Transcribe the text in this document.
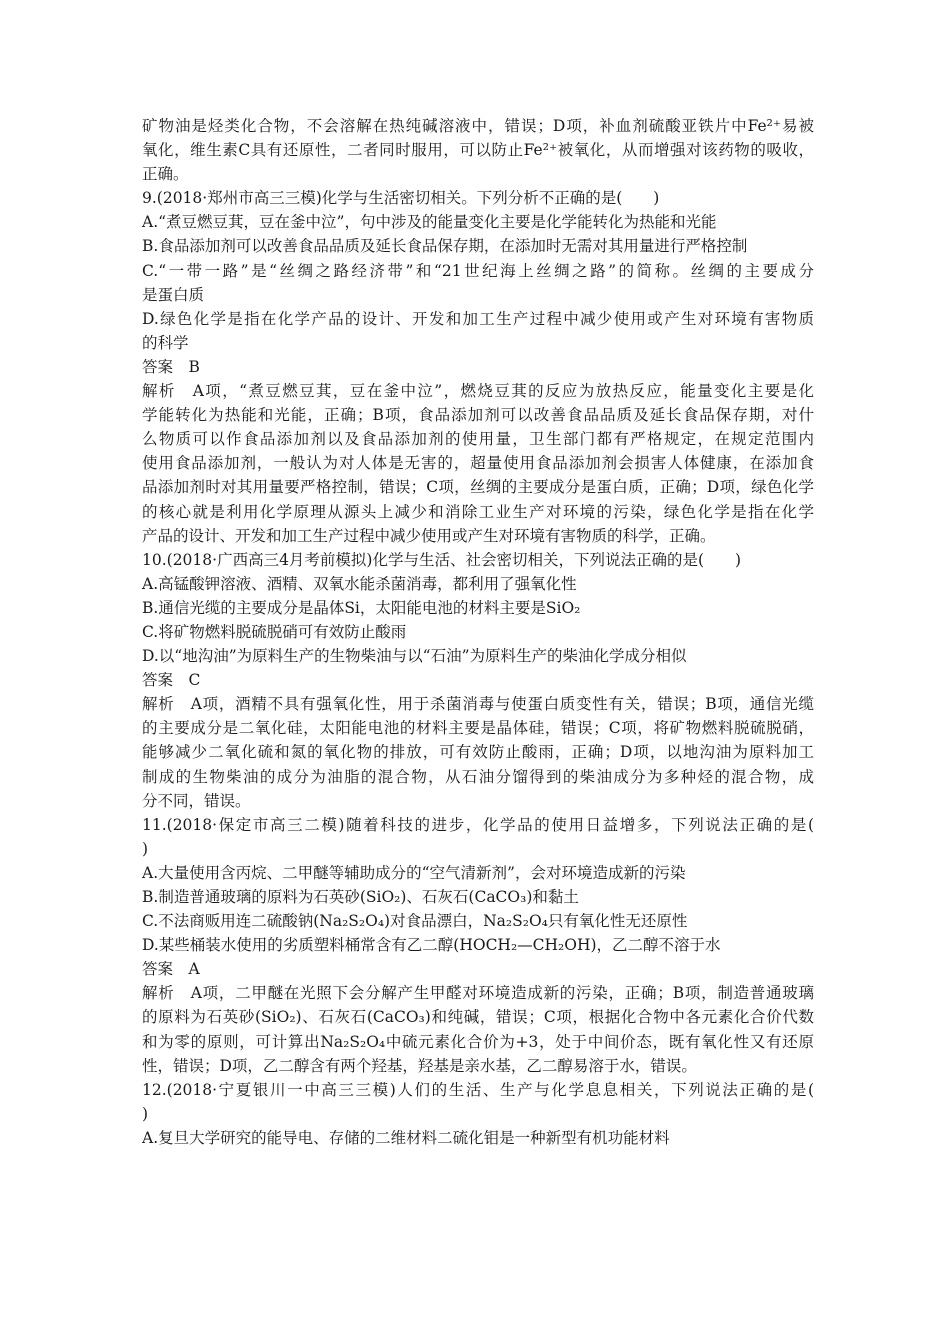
矿物油是烃类化合物，不会溶解在热纯碱溶液中，错误；D项，补血剂硫酸亚铁片中Fe²⁺易被
氧化，维生素C具有还原性，二者同时服用，可以防止Fe²⁺被氧化，从而增强对该药物的吸收，
正确。
9.(2018·郑州市高三三模)化学与生活密切相关。下列分析不正确的是(　　)
A.“煮豆燃豆萁，豆在釜中泣”，句中涉及的能量变化主要是化学能转化为热能和光能
B.食品添加剂可以改善食品品质及延长食品保存期，在添加时无需对其用量进行严格控制
C.“一带一路”是“丝绸之路经济带”和“21世纪海上丝绸之路”的简称。丝绸的主要成分
是蛋白质
D.绿色化学是指在化学产品的设计、开发和加工生产过程中减少使用或产生对环境有害物质
的科学
答案　B
解析　A项，“煮豆燃豆萁，豆在釜中泣”，燃烧豆萁的反应为放热反应，能量变化主要是化
学能转化为热能和光能，正确；B项，食品添加剂可以改善食品品质及延长食品保存期，对什
么物质可以作食品添加剂以及食品添加剂的使用量，卫生部门都有严格规定，在规定范围内
使用食品添加剂，一般认为对人体是无害的，超量使用食品添加剂会损害人体健康，在添加食
品添加剂时对其用量要严格控制，错误；C项，丝绸的主要成分是蛋白质，正确；D项，绿色化学
的核心就是利用化学原理从源头上减少和消除工业生产对环境的污染，绿色化学是指在化学
产品的设计、开发和加工生产过程中减少使用或产生对环境有害物质的科学，正确。
10.(2018·广西高三4月考前模拟)化学与生活、社会密切相关，下列说法正确的是(　　)
A.高锰酸钾溶液、酒精、双氧水能杀菌消毒，都利用了强氧化性
B.通信光缆的主要成分是晶体Si，太阳能电池的材料主要是SiO₂
C.将矿物燃料脱硫脱硝可有效防止酸雨
D.以“地沟油”为原料生产的生物柴油与以“石油”为原料生产的柴油化学成分相似
答案　C
解析　A项，酒精不具有强氧化性，用于杀菌消毒与使蛋白质变性有关，错误；B项，通信光缆
的主要成分是二氧化硅，太阳能电池的材料主要是晶体硅，错误；C项，将矿物燃料脱硫脱硝，
能够减少二氧化硫和氮的氧化物的排放，可有效防止酸雨，正确；D项，以地沟油为原料加工
制成的生物柴油的成分为油脂的混合物，从石油分馏得到的柴油成分为多种烃的混合物，成
分不同，错误。
11.(2018·保定市高三二模)随着科技的进步，化学品的使用日益增多，下列说法正确的是(
)
A.大量使用含丙烷、二甲醚等辅助成分的“空气清新剂”，会对环境造成新的污染
B.制造普通玻璃的原料为石英砂(SiO₂)、石灰石(CaCO₃)和黏土
C.不法商贩用连二硫酸钠(Na₂S₂O₄)对食品漂白，Na₂S₂O₄只有氧化性无还原性
D.某些桶装水使用的劣质塑料桶常含有乙二醇(HOCH₂—CH₂OH)，乙二醇不溶于水
答案　A
解析　A项，二甲醚在光照下会分解产生甲醛对环境造成新的污染，正确；B项，制造普通玻璃
的原料为石英砂(SiO₂)、石灰石(CaCO₃)和纯碱，错误；C项，根据化合物中各元素化合价代数
和为零的原则，可计算出Na₂S₂O₄中硫元素化合价为+3，处于中间价态，既有氧化性又有还原
性，错误；D项，乙二醇含有两个羟基，羟基是亲水基，乙二醇易溶于水，错误。
12.(2018·宁夏银川一中高三三模)人们的生活、生产与化学息息相关，下列说法正确的是(
)
A.复旦大学研究的能导电、存储的二维材料二硫化钼是一种新型有机功能材料
